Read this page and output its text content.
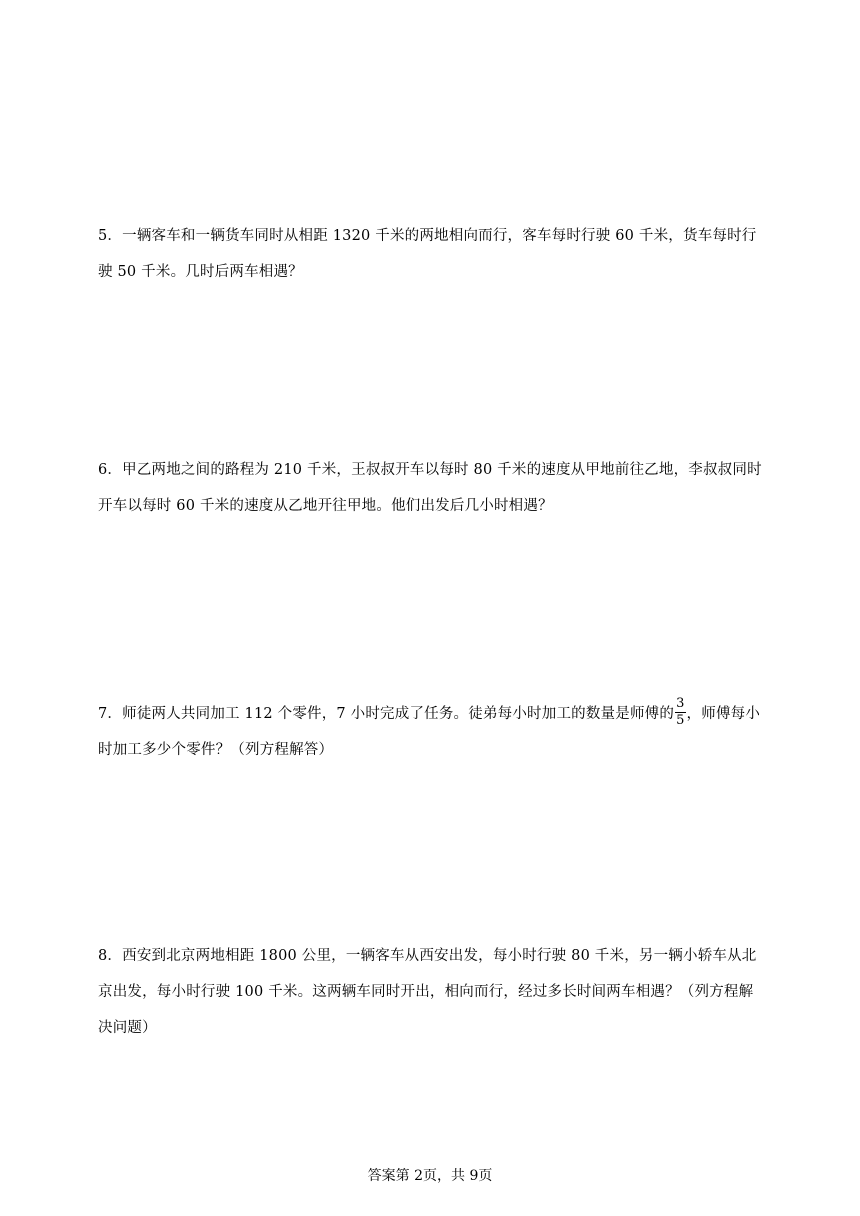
5．一辆客车和一辆货车同时从相距 1320 千米的两地相向而行，客车每时行驶 60 千米，货车每时行

驶 50 千米。几时后两车相遇？

6．甲乙两地之间的路程为 210 千米，王叔叔开车以每时 80 千米的速度从甲地前往乙地，李叔叔同时

开车以每时 60 千米的速度从乙地开往甲地。他们出发后几小时相遇？

7．师徒两人共同加工 112 个零件，7 小时完成了任务。徒弟每小时加工的数量是师傅的 $\frac{3}{5}$ ，师傅每小

时加工多少个零件？（列方程解答）

8．西安到北京两地相距 1800 公里，一辆客车从西安出发，每小时行驶 80 千米，另一辆小轿车从北

京出发，每小时行驶 100 千米。这两辆车同时开出，相向而行，经过多长时间两车相遇？（列方程解

决问题）

答案第 2页，共 9页
